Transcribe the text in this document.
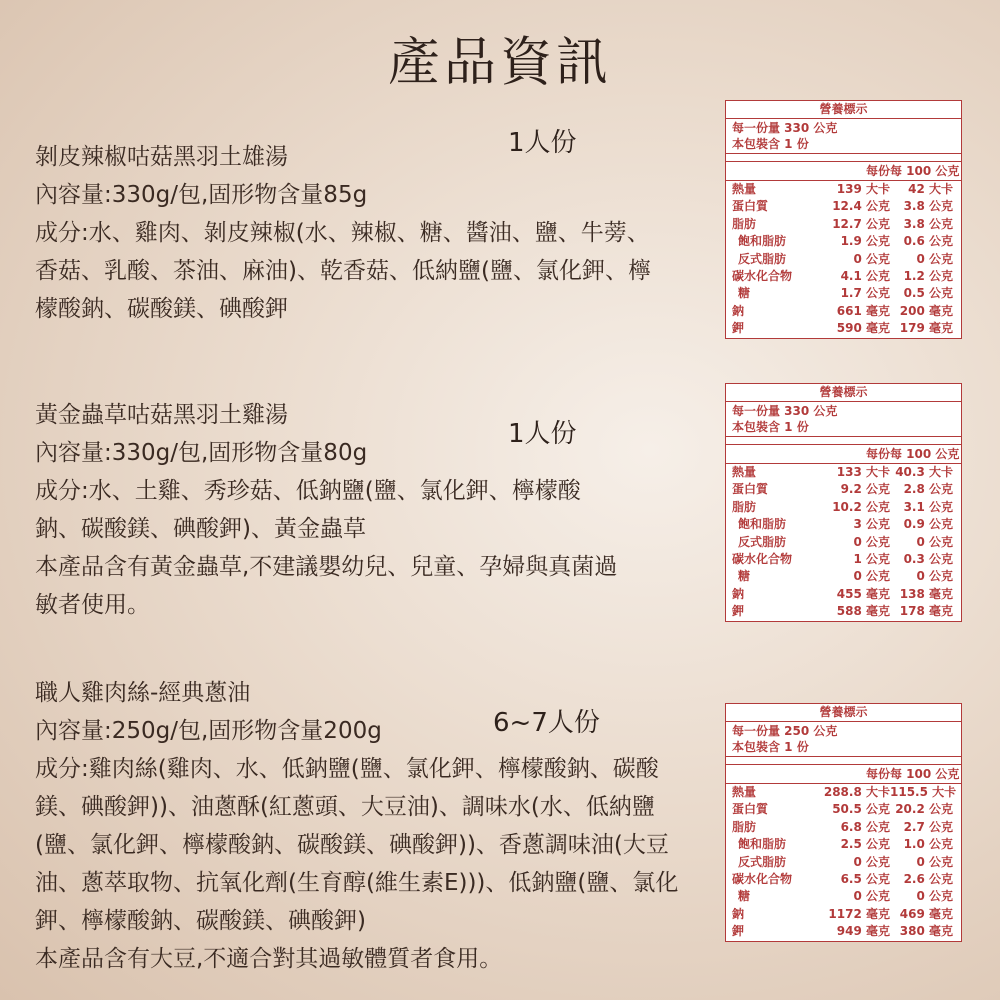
產品資訊
剝皮辣椒咕菇黑羽土雄湯
內容量:330g/包,固形物含量85g
成分:水、雞肉、剝皮辣椒(水、辣椒、糖、醬油、鹽、牛蒡、
香菇、乳酸、茶油、麻油)、乾香菇、低納鹽(鹽、氯化鉀、檸
檬酸鈉、碳酸鎂、碘酸鉀
1人份
營養標示
每一份量 330 公克
本包裝含 1 份
每份 每 100 公克
熱量	139 大卡	42 大卡
蛋白質	12.4 公克	3.8 公克
脂肪	12.7 公克	3.8 公克
飽和脂肪	1.9 公克	0.6 公克
反式脂肪	0 公克	0 公克
碳水化合物	4.1 公克	1.2 公克
糖	1.7 公克	0.5 公克
鈉	661 毫克 200 毫克
鉀	590 毫克 179 毫克
黃金蟲草咕菇黑羽土雞湯
內容量:330g/包,固形物含量80g
成分:水、土雞、秀珍菇、低鈉鹽(鹽、氯化鉀、檸檬酸
鈉、碳酸鎂、碘酸鉀)、黃金蟲草
本產品含有黃金蟲草,不建議嬰幼兒、兒童、孕婦與真菌過
敏者使用。
1人份
營養標示
每一份量 330 公克
本包裝含 1 份
每份 每 100 公克
熱量	133 大卡 40.3 大卡
蛋白質	9.2 公克	2.8 公克
脂肪	10.2 公克	3.1 公克
飽和脂肪	3 公克	0.9 公克
反式脂肪	0 公克	0 公克
碳水化合物	1 公克	0.3 公克
糖	0 公克	0 公克
鈉	455 毫克 138 毫克
鉀	588 毫克 178 毫克
職人雞肉絲-經典蔥油
內容量:250g/包,固形物含量200g
成分:雞肉絲(雞肉、水、低鈉鹽(鹽、氯化鉀、檸檬酸鈉、碳酸
鎂、碘酸鉀))、油蔥酥(紅蔥頭、大豆油)、調味水(水、低納鹽
(鹽、氯化鉀、檸檬酸鈉、碳酸鎂、碘酸鉀))、香蔥調味油(大豆
油、蔥萃取物、抗氧化劑(生育醇(維生素E)))、低鈉鹽(鹽、氯化
鉀、檸檬酸鈉、碳酸鎂、碘酸鉀)
本產品含有大豆,不適合對其過敏體質者食用。
6~7人份	營養標示
每一份量 250 公克
本包裝含 1 份
每份 每 100 公克
熱量	288.8 大卡 115.5 大卡
蛋白質	50.5 公克 20.2 公克
脂肪	6.8 公克	2.7 公克
飽和脂肪	2.5 公克	1.0 公克
反式脂肪	0 公克	0 公克
碳水化合物	6.5 公克	2.6 公克
糖	0 公克	0 公克
鈉	1172 毫克 469 毫克
鉀	949 毫克 380 毫克
